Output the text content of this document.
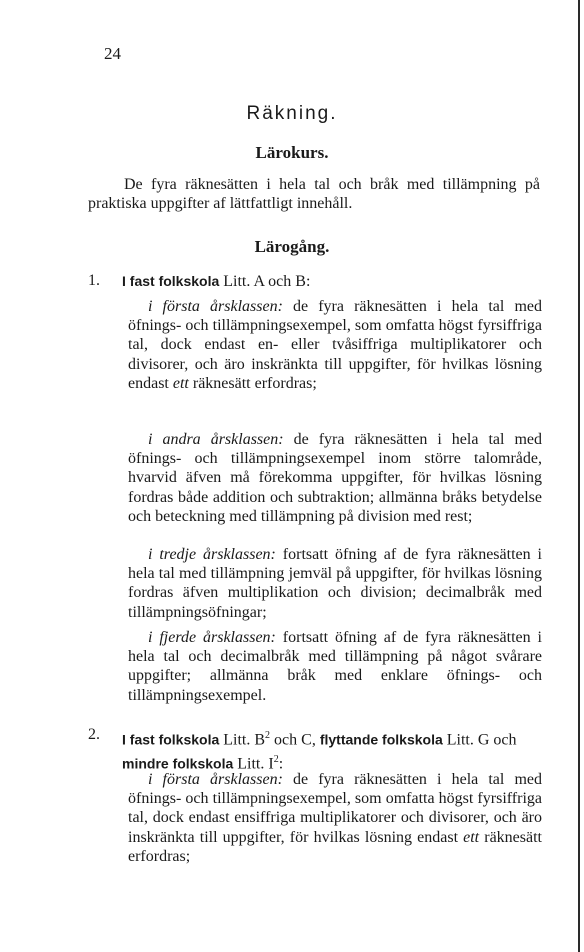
24
Räkning.
Lärokurs.
De fyra räknesätten i hela tal och bråk med tillämpning på praktiska uppgifter af lättfattligt innehåll.
Lärogång.
1. I fast folkskola Litt. A och B:
i första årsklassen: de fyra räknesätten i hela tal med öfnings- och tillämpningsexempel, som omfatta högst fyrsiffriga tal, dock endast en- eller tvåsiffriga multiplikatorer och divisorer, och äro inskränkta till uppgifter, för hvilkas lösning endast ett räknesätt erfordras;
i andra årsklassen: de fyra räknesätten i hela tal med öfnings- och tillämpningsexempel inom större talområde, hvarvid äfven må förekomma uppgifter, för hvilkas lösning fordras både addition och subtraktion; allmänna bråks betydelse och beteckning med tillämpning på division med rest;
i tredje årsklassen: fortsatt öfning af de fyra räknesätten i hela tal med tillämpning jemväl på uppgifter, för hvilkas lösning fordras äfven multiplikation och division; decimalbråk med tillämpningsöfningar;
i fjerde årsklassen: fortsatt öfning af de fyra räknesätten i hela tal och decimalbråk med tillämpning på något svårare uppgifter; allmänna bråk med enklare öfnings- och tillämpningsexempel.
2. I fast folkskola Litt. $B^2$ och C, flyttande folkskola Litt. G och mindre folkskola Litt. $I^2$:
i första årsklassen: de fyra räknesätten i hela tal med öfnings- och tillämpningsexempel, som omfatta högst fyrsiffriga tal, dock endast ensiffriga multiplikatorer och divisorer, och äro inskränkta till uppgifter, för hvilkas lösning endast ett räknesätt erfordras;
